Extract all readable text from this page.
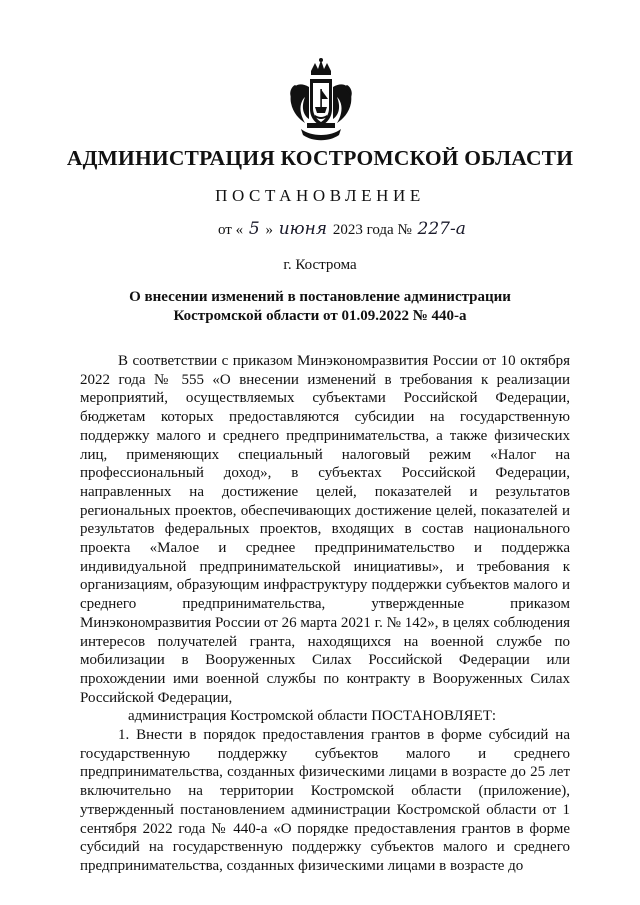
АДМИНИСТРАЦИЯ КОСТРОМСКОЙ ОБЛАСТИ
ПОСТАНОВЛЕНИЕ
от « 5 » июня 2023 года № 227-а
г. Кострома
О внесении изменений в постановление администрации
Костромской области от 01.09.2022 № 440-а

В соответствии с приказом Минэкономразвития России от 10 октября 2022 года № 555 «О внесении изменений в требования к реализации мероприятий, осуществляемых субъектами Российской Федерации, бюджетам которых предоставляются субсидии на государственную поддержку малого и среднего предпринимательства, а также физических лиц, применяющих специальный налоговый режим «Налог на профессиональный доход», в субъектах Российской Федерации, направленных на достижение целей, показателей и результатов региональных проектов, обеспечивающих достижение целей, показателей и результатов федеральных проектов, входящих в состав национального проекта «Малое и среднее предпринимательство и поддержка индивидуальной предпринимательской инициативы», и требования к организациям, образующим инфраструктуру поддержки субъектов малого и среднего предпринимательства, утвержденные приказом Минэкономразвития России от 26 марта 2021 г. № 142», в целях соблюдения интересов получателей гранта, находящихся на военной службе по мобилизации в Вооруженных Силах Российской Федерации или прохождении ими военной службы по контракту в Вооруженных Силах Российской Федерации,

администрация Костромской области ПОСТАНОВЛЯЕТ:

1. Внести в порядок предоставления грантов в форме субсидий на государственную поддержку субъектов малого и среднего предпринимательства, созданных физическими лицами в возрасте до 25 лет включительно на территории Костромской области (приложение), утвержденный постановлением администрации Костромской области от 1 сентября 2022 года № 440-а «О порядке предоставления грантов в форме субсидий на государственную поддержку субъектов малого и среднего предпринимательства, созданных физическими лицами в возрасте до
